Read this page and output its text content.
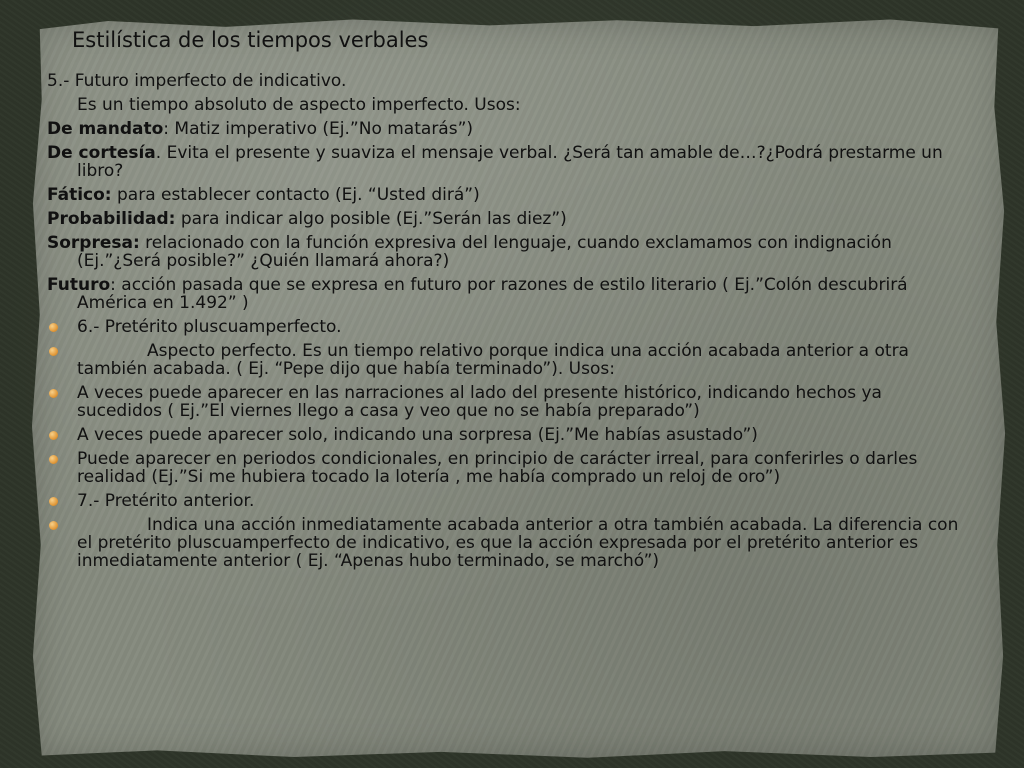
Estilística de los tiempos verbales

5.- Futuro imperfecto de indicativo.

Es un tiempo absoluto de aspecto imperfecto. Usos:

De mandato: Matiz imperativo (Ej.”No matarás”)

De cortesía. Evita el presente y suaviza el mensaje verbal. ¿Será tan amable de…?¿Podrá prestarme un libro?

Fático: para establecer contacto (Ej. “Usted dirá”)

Probabilidad: para indicar algo posible (Ej.”Serán las diez”)

Sorpresa: relacionado con la función expresiva del lenguaje, cuando exclamamos con indignación (Ej.”¿Será posible?” ¿Quién llamará ahora?)

Futuro: acción pasada que se expresa en futuro por razones de estilo literario ( Ej.”Colón descubrirá América en 1.492” )

6.- Pretérito pluscuamperfecto.
Aspecto perfecto. Es un tiempo relativo porque indica una acción acabada anterior a otra también acabada. ( Ej. “Pepe dijo que había terminado”). Usos:
A veces puede aparecer en las narraciones al lado del presente histórico, indicando hechos ya sucedidos ( Ej.”El viernes llego a casa y veo que no se había preparado”)
A veces puede aparecer solo, indicando una sorpresa (Ej.”Me habías asustado”)
Puede aparecer en periodos condicionales, en principio de carácter irreal, para conferirles o darles realidad (Ej.”Si me hubiera tocado la lotería , me había comprado un reloj de oro”)
7.- Pretérito anterior.
Indica una acción inmediatamente acabada anterior a otra también acabada. La diferencia con el pretérito pluscuamperfecto de indicativo, es que la acción expresada por el pretérito anterior es inmediatamente anterior ( Ej. “Apenas hubo terminado, se marchó”)
